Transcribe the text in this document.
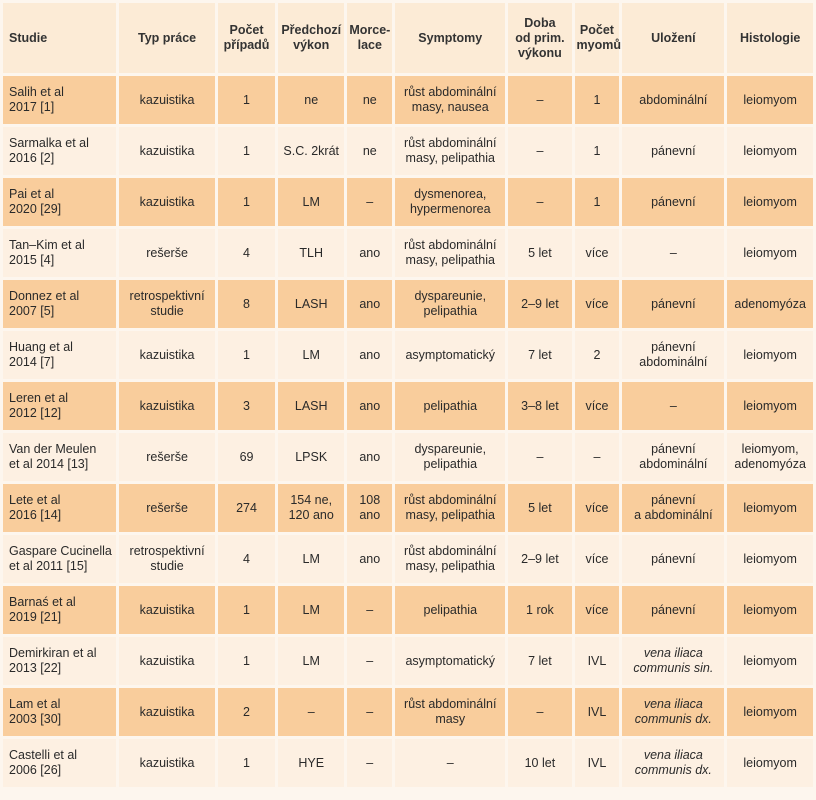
Studie	Typ práce	Počet
případů	Předchozí
výkon	Morce-
lace	Symptomy	Doba
od prim.
výkonu	Počet
myomů	Uložení	Histologie
Salih et al
2017 [1]	kazuistika	1	ne	ne	růst abdominální
masy, nausea	–	1	abdominální	leiomyom
Sarmalka et al
2016 [2]	kazuistika	1	S.C. 2krát	ne	růst abdominální
masy, pelipathia	–	1	pánevní	leiomyom
Pai et al
2020 [29]	kazuistika	1	LM	–	dysmenorea,
hypermenorea	–	1	pánevní	leiomyom
Tan–Kim et al
2015 [4]	rešerše	4	TLH	ano	růst abdominální
masy, pelipathia	5 let	více	–	leiomyom
Donnez et al
2007 [5]	retrospektivní
studie	8	LASH	ano	dyspareunie,
pelipathia	2–9 let	více	pánevní	adenomyóza
Huang et al
2014 [7]	kazuistika	1	LM	ano	asymptomatický	7 let	2	pánevní
abdominální	leiomyom
Leren et al
2012 [12]	kazuistika	3	LASH	ano	pelipathia	3–8 let	více	–	leiomyom
Van der Meulen
et al 2014 [13]	rešerše	69	LPSK	ano	dyspareunie,
pelipathia	–	–	pánevní
abdominální	leiomyom,
adenomyóza
Lete et al
2016 [14]	rešerše	274	154 ne,
120 ano	108
ano	růst abdominální
masy, pelipathia	5 let	více	pánevní
a abdominální	leiomyom
Gaspare Cucinella
et al 2011 [15]	retrospektivní
studie	4	LM	ano	růst abdominální
masy, pelipathia	2–9 let	více	pánevní	leiomyom
Barnaś et al
2019 [21]	kazuistika	1	LM	–	pelipathia	1 rok	více	pánevní	leiomyom
Demirkiran et al
2013 [22]	kazuistika	1	LM	–	asymptomatický	7 let	IVL	vena iliaca
communis sin.	leiomyom
Lam et al
2003 [30]	kazuistika	2	–	–	růst abdominální
masy	–	IVL	vena iliaca
communis dx.	leiomyom
Castelli et al
2006 [26]	kazuistika	1	HYE	–	–	10 let	IVL	vena iliaca
communis dx.	leiomyom
